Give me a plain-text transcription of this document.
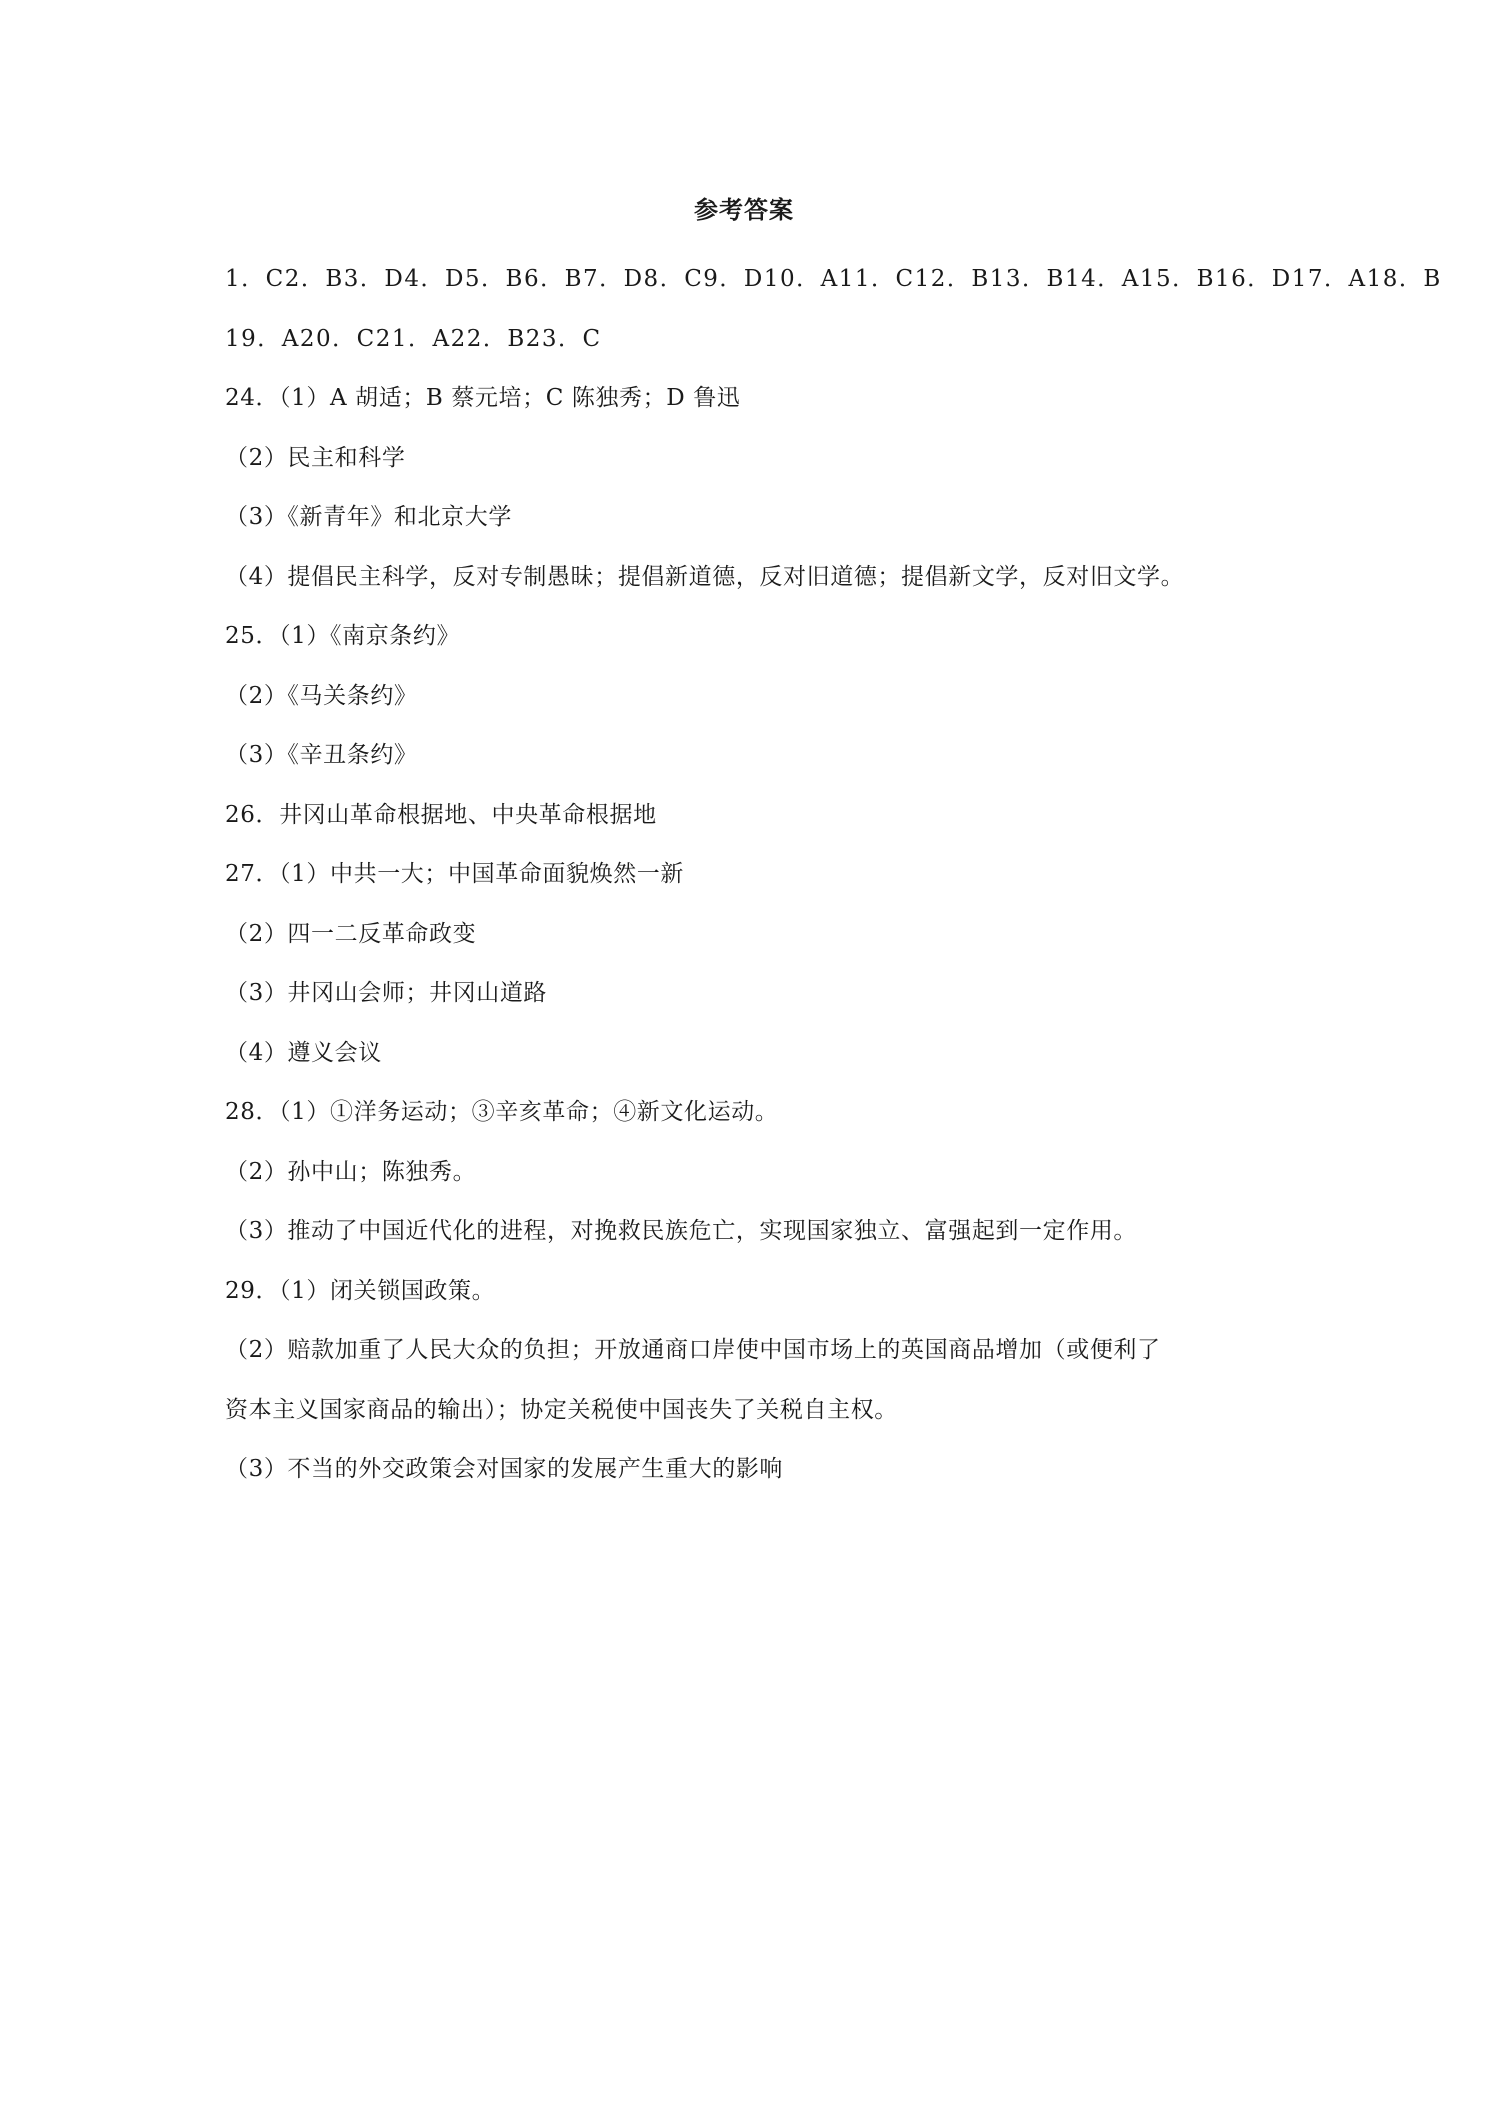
参考答案
1．C2．B3．D4．D5．B6．B7．D8．C9．D10．A11．C12．B13．B14．A15．B16．D17．A18．B
19．A20．C21．A22．B23．C
24．（1）A 胡适；B 蔡元培；C 陈独秀；D 鲁迅
（2）民主和科学
（3）《新青年》和北京大学
（4）提倡民主科学，反对专制愚昧；提倡新道德，反对旧道德；提倡新文学，反对旧文学。
25．（1）《南京条约》
（2）《马关条约》
（3）《辛丑条约》
26．井冈山革命根据地、中央革命根据地
27．（1）中共一大；中国革命面貌焕然一新
（2）四一二反革命政变
（3）井冈山会师；井冈山道路
（4）遵义会议
28．（1）①洋务运动；③辛亥革命；④新文化运动。
（2）孙中山；陈独秀。
（3）推动了中国近代化的进程，对挽救民族危亡，实现国家独立、富强起到一定作用。
29．（1）闭关锁国政策。
（2）赔款加重了人民大众的负担；开放通商口岸使中国市场上的英国商品增加（或便利了
资本主义国家商品的输出）；协定关税使中国丧失了关税自主权。
（3）不当的外交政策会对国家的发展产生重大的影响
